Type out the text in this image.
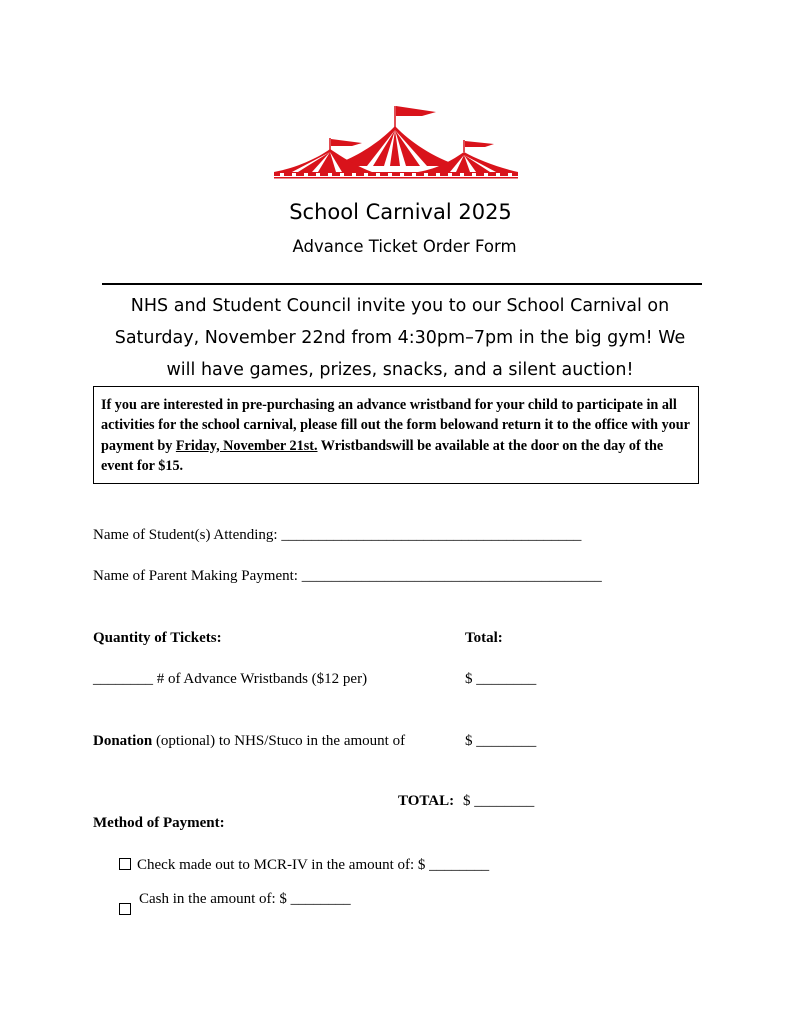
School Carnival 2025
Advance Ticket Order Form
NHS and Student Council invite you to our School Carnival on
Saturday, November 22nd from 4:30pm–7pm in the big gym! We
will have games, prizes, snacks, and a silent auction!
If you are interested in pre-purchasing an advance wristband for your child to participate in all activities for the school carnival, please fill out the form belowand return it to the office with your payment by Friday, November 21st. Wristbandswill be available at the door on the day of the event for $15.
Name of Student(s) Attending: ________________________________________
Name of Parent Making Payment: ________________________________________
Quantity of Tickets:	Total:
________ # of Advance Wristbands ($12 per)	$ ________
Donation (optional) to NHS/Stuco in the amount of	$ ________
TOTAL: $ ________
Method of Payment:
Check made out to MCR-IV in the amount of: $ ________
Cash in the amount of: $ ________
